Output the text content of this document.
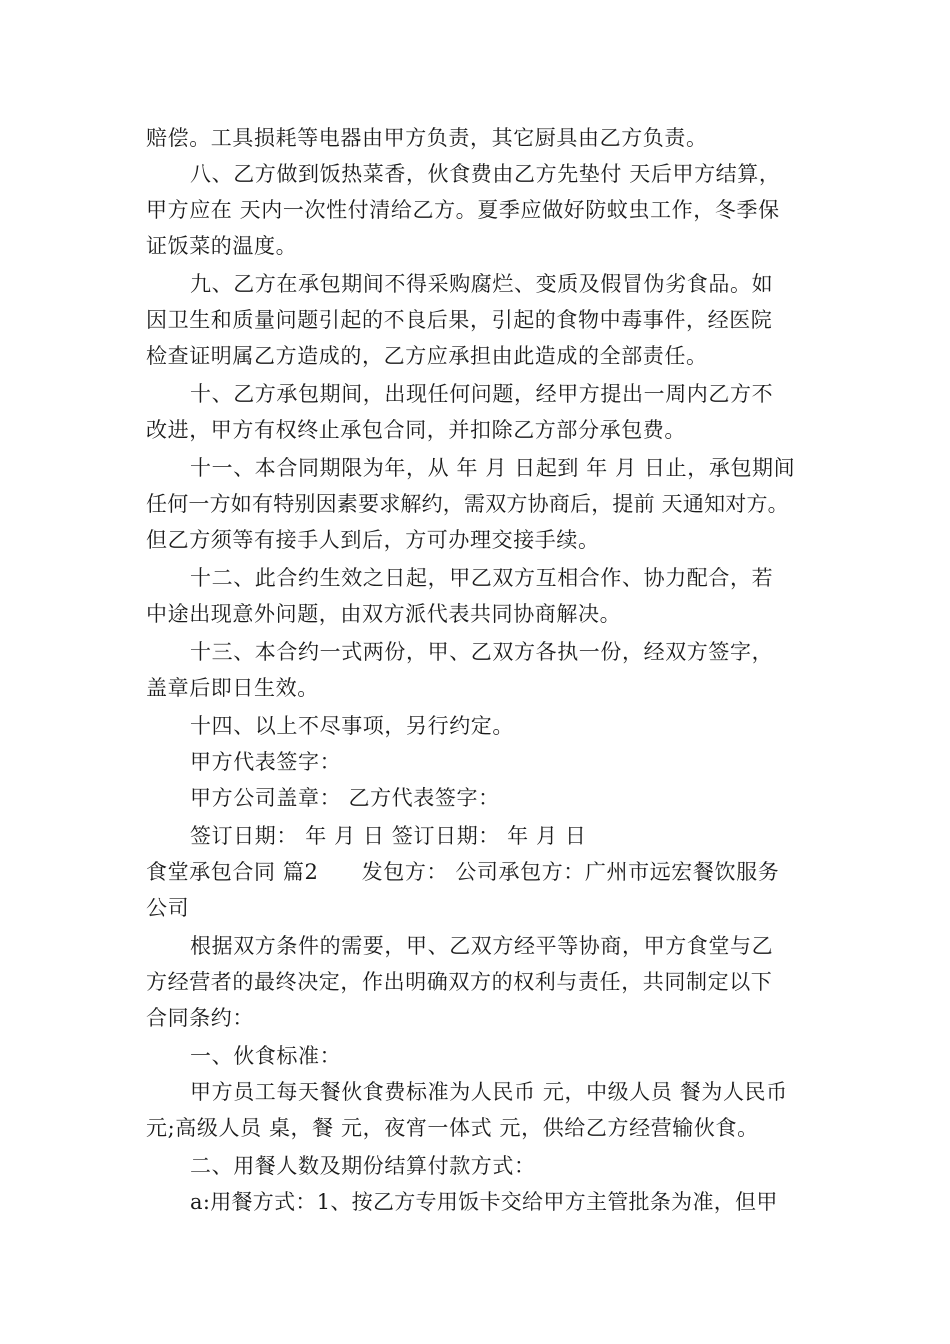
赔偿。工具损耗等电器由甲方负责，其它厨具由乙方负责。
八、乙方做到饭热菜香，伙食费由乙方先垫付 天后甲方结算，
甲方应在 天内一次性付清给乙方。夏季应做好防蚊虫工作，冬季保
证饭菜的温度。
九、乙方在承包期间不得采购腐烂、变质及假冒伪劣食品。如
因卫生和质量问题引起的不良后果，引起的食物中毒事件，经医院
检查证明属乙方造成的，乙方应承担由此造成的全部责任。
十、乙方承包期间，出现任何问题，经甲方提出一周内乙方不
改进，甲方有权终止承包合同，并扣除乙方部分承包费。
十一、本合同期限为年，从 年 月 日起到 年 月 日止，承包期间
任何一方如有特别因素要求解约，需双方协商后，提前 天通知对方。
但乙方须等有接手人到后，方可办理交接手续。
十二、此合约生效之日起，甲乙双方互相合作、协力配合，若
中途出现意外问题，由双方派代表共同协商解决。
十三、本合约一式两份，甲、乙双方各执一份，经双方签字，
盖章后即日生效。
十四、以上不尽事项，另行约定。
甲方代表签字：
甲方公司盖章： 乙方代表签字：
签订日期： 年 月 日 签订日期： 年 月 日
食堂承包合同 篇2　　发包方： 公司承包方：广州市远宏餐饮服务
公司
根据双方条件的需要，甲、乙双方经平等协商，甲方食堂与乙
方经营者的最终决定，作出明确双方的权利与责任，共同制定以下
合同条约：
一、伙食标准：
甲方员工每天餐伙食费标准为人民币 元，中级人员 餐为人民币
元;高级人员 桌，餐 元，夜宵一体式 元，供给乙方经营输伙食。
二、用餐人数及期份结算付款方式：
a:用餐方式：1、按乙方专用饭卡交给甲方主管批条为准，但甲
